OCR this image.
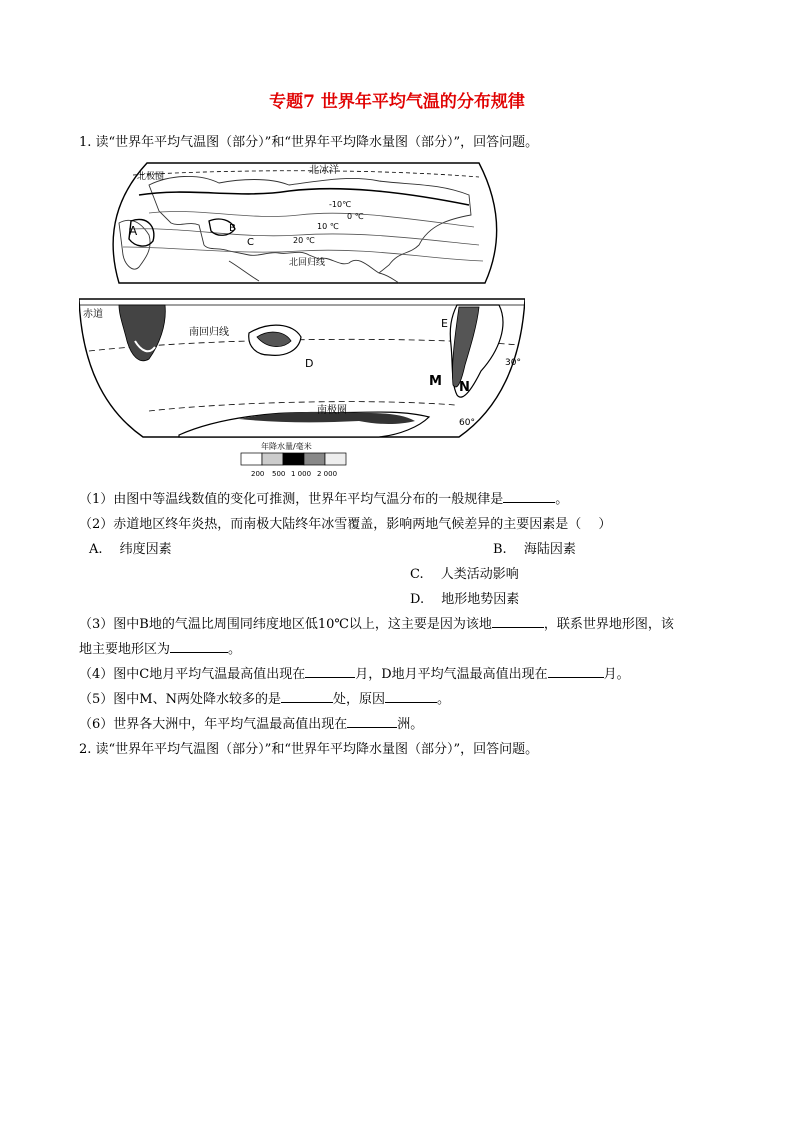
专题7 世界年平均气温的分布规律
1. 读“世界年平均气温图（部分）”和“世界年平均降水量图（部分）”，回答问题。
北冰洋
北极圈
北回归线
A	B
C
-10℃
0 ℃
10 ℃
20 ℃
赤道
南回归线
南极圈
D
E
M N
30°
60°
年降水量/毫米
200 500 1 000 2 000
（1）由图中等温线数值的变化可推测，世界年平均气温分布的一般规律是	。
（2）赤道地区终年炎热，而南极大陆终年冰雪覆盖，影响两地气候差异的主要因素是（　 ）
A.　 纬度因素	B.　 海陆因素
C.　 人类活动影响
D.　 地形地势因素
（3）图中B地的气温比周围同纬度地区低10℃以上，这主要是因为该地	，联系世界地形图，该
地主要地形区为	。
（4）图中C地月平均气温最高值出现在	月，D地月平均气温最高值出现在	月。
（5）图中M、N两处降水较多的是	处，原因	。
（6）世界各大洲中，年平均气温最高值出现在	洲。
2. 读“世界年平均气温图（部分）”和“世界年平均降水量图（部分）”，回答问题。
